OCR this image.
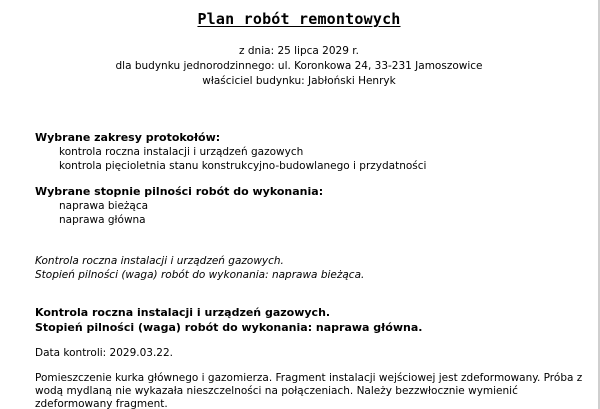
Plan robót remontowych
z dnia: 25 lipca 2029 r.
dla budynku jednorodzinnego: ul. Koronkowa 24, 33-231 Jamoszowice
właściciel budynku: Jabłoński Henryk
Wybrane zakresy protokołów:
kontrola roczna instalacji i urządzeń gazowych
kontrola pięcioletnia stanu konstrukcyjno-budowlanego i przydatności
Wybrane stopnie pilności robót do wykonania:
naprawa bieżąca
naprawa główna
Kontrola roczna instalacji i urządzeń gazowych.
Stopień pilności (waga) robót do wykonania: naprawa bieżąca.
Kontrola roczna instalacji i urządzeń gazowych.
Stopień pilności (waga) robót do wykonania: naprawa główna.
Data kontroli: 2029.03.22.
Pomieszczenie kurka głównego i gazomierza. Fragment instalacji wejściowej jest zdeformowany. Próba z wodą mydlaną nie wykazała nieszczelności na połączeniach. Należy bezzwłocznie wymienić zdeformowany fragment.
